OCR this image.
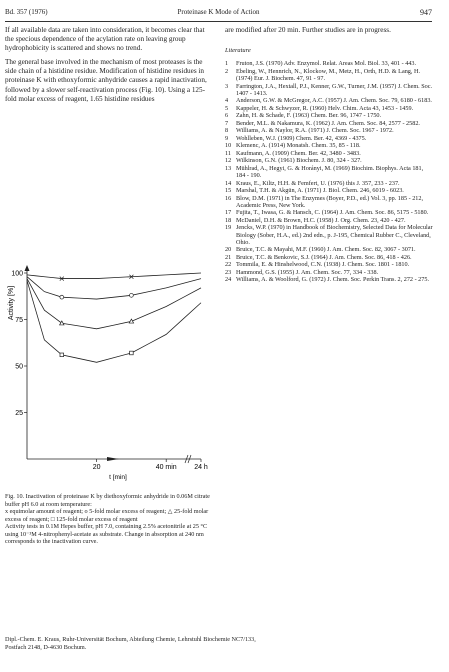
Bd. 357 (1976)	Proteinase K Mode of Action	947

If all available data are taken into consideration, it becomes clear that the specious dependence of the acylation rate on leaving group hydrophobicity is scattered and shows no trend.

The general base involved in the mechanism of most proteases is the side chain of a histidine residue. Modification of histidine residues in proteinase K with ethoxyformic anhydride causes a rapid inactivation, followed by a slower self-reactivation process (Fig. 10). Using a 125-fold molar excess of reagent, 1.65 histidine residues

100
75
50
25
20	40 min 24 h
Activity [%]
t [min]

Fig. 10. Inactivation of proteinase K by diethoxyformic anhydride in 0.06M citrate buffer pH 6.0 at room temperature:

x equimolar amount of reagent; o 5-fold molar excess of reagent; △ 25-fold molar excess of reagent; □ 125-fold molar excess of reagent

Activity tests in 0.1M Hepes buffer, pH 7.0, containing 2.5% acetonitrile at 25 °C using 10⁻³M 4-nitrophenyl-acetate as substrate. Change in absorption at 240 nm corresponds to the inactivation curve.

are modified after 20 min. Further studies are in progress.

Literature
1 Fruton, J.S. (1970) Adv. Enzymol. Relat. Areas Mol. Biol. 33, 401 - 443.
2 Ebeling, W., Hennrich, N., Klockow, M., Metz, H., Orth, H.D. & Lang, H. (1974) Eur. J. Biochem. 47, 91 - 97.
3 Farrington, J.A., Hextall, P.J., Kenner, G.W., Turner, J.M. (1957) J. Chem. Soc. 1407 - 1413.
4 Anderson, G.W. & McGregor, A.C. (1957) J. Am. Chem. Soc. 79, 6180 - 6183.
5 Kappeler, H. & Schwyzer, R. (1960) Helv. Chim. Acta 43, 1453 - 1459.
6 Zahn, H. & Schade, F. (1963) Chem. Ber. 96, 1747 - 1750.
7 Bender, M.L. & Nakamura, K. (1962) J. Am. Chem. Soc. 84, 2577 - 2582.
8 Williams, A. & Naylor, R.A. (1971) J. Chem. Soc. 1967 - 1972.
9 Wohlleben, W.J. (1909) Chem. Ber. 42, 4369 - 4375.
10 Klemenc, A. (1914) Monatsh. Chem. 35, 85 - 118.
11 Kaufmann, A. (1909) Chem. Ber. 42, 3480 - 3483.
12 Wilkinson, G.N. (1961) Biochem. J. 80, 324 - 327.
13 Mühlrad, A., Hegyi, G. & Horányi, M. (1969) Biochim. Biophys. Acta 181, 184 - 190.
14 Kraus, E., Kiltz, H.H. & Femfert, U. (1976) this J. 357, 233 - 237.
15 Marshal, T.H. & Akgün, A. (1971) J. Biol. Chem. 246, 6019 - 6023.
16 Blow, D.M. (1971) in The Enzymes (Boyer, P.D., ed.) Vol. 3, pp. 185 - 212, Academic Press, New York.
17 Fujita, T., Iwasa, G. & Hansch, C. (1964) J. Am. Chem. Soc. 86, 5175 - 5180.
18 McDaniel, D.H. & Brown, H.C. (1958) J. Org. Chem. 23, 420 - 427.
19 Jencks, W.P. (1970) in Handbook of Biochemistry, Selected Data for Molecular Biology (Sober, H.A., ed.) 2nd edn., p. J-195, Chemical Rubber C., Cleveland, Ohio.
20 Bruice, T.C. & Mayahi, M.F. (1960) J. Am. Chem. Soc. 82, 3067 - 3071.
21 Bruice, T.C. & Benkovic, S.J. (1964) J. Am. Chem. Soc. 86, 418 - 426.
22 Tommila, E. & Hinshelwood, C.N. (1938) J. Chem. Soc. 1801 - 1810.
23 Hammond, G.S. (1955) J. Am. Chem. Soc. 77, 334 - 338.
24 Williams, A. & Woolford, G. (1972) J. Chem. Soc. Perkin Trans. 2, 272 - 275.
Dipl.-Chem. E. Kraus, Ruhr-Universität Bochum, Abteilung Chemie, Lehrstuhl Biochemie NC7/133,
Postfach 2148, D-4630 Bochum.
